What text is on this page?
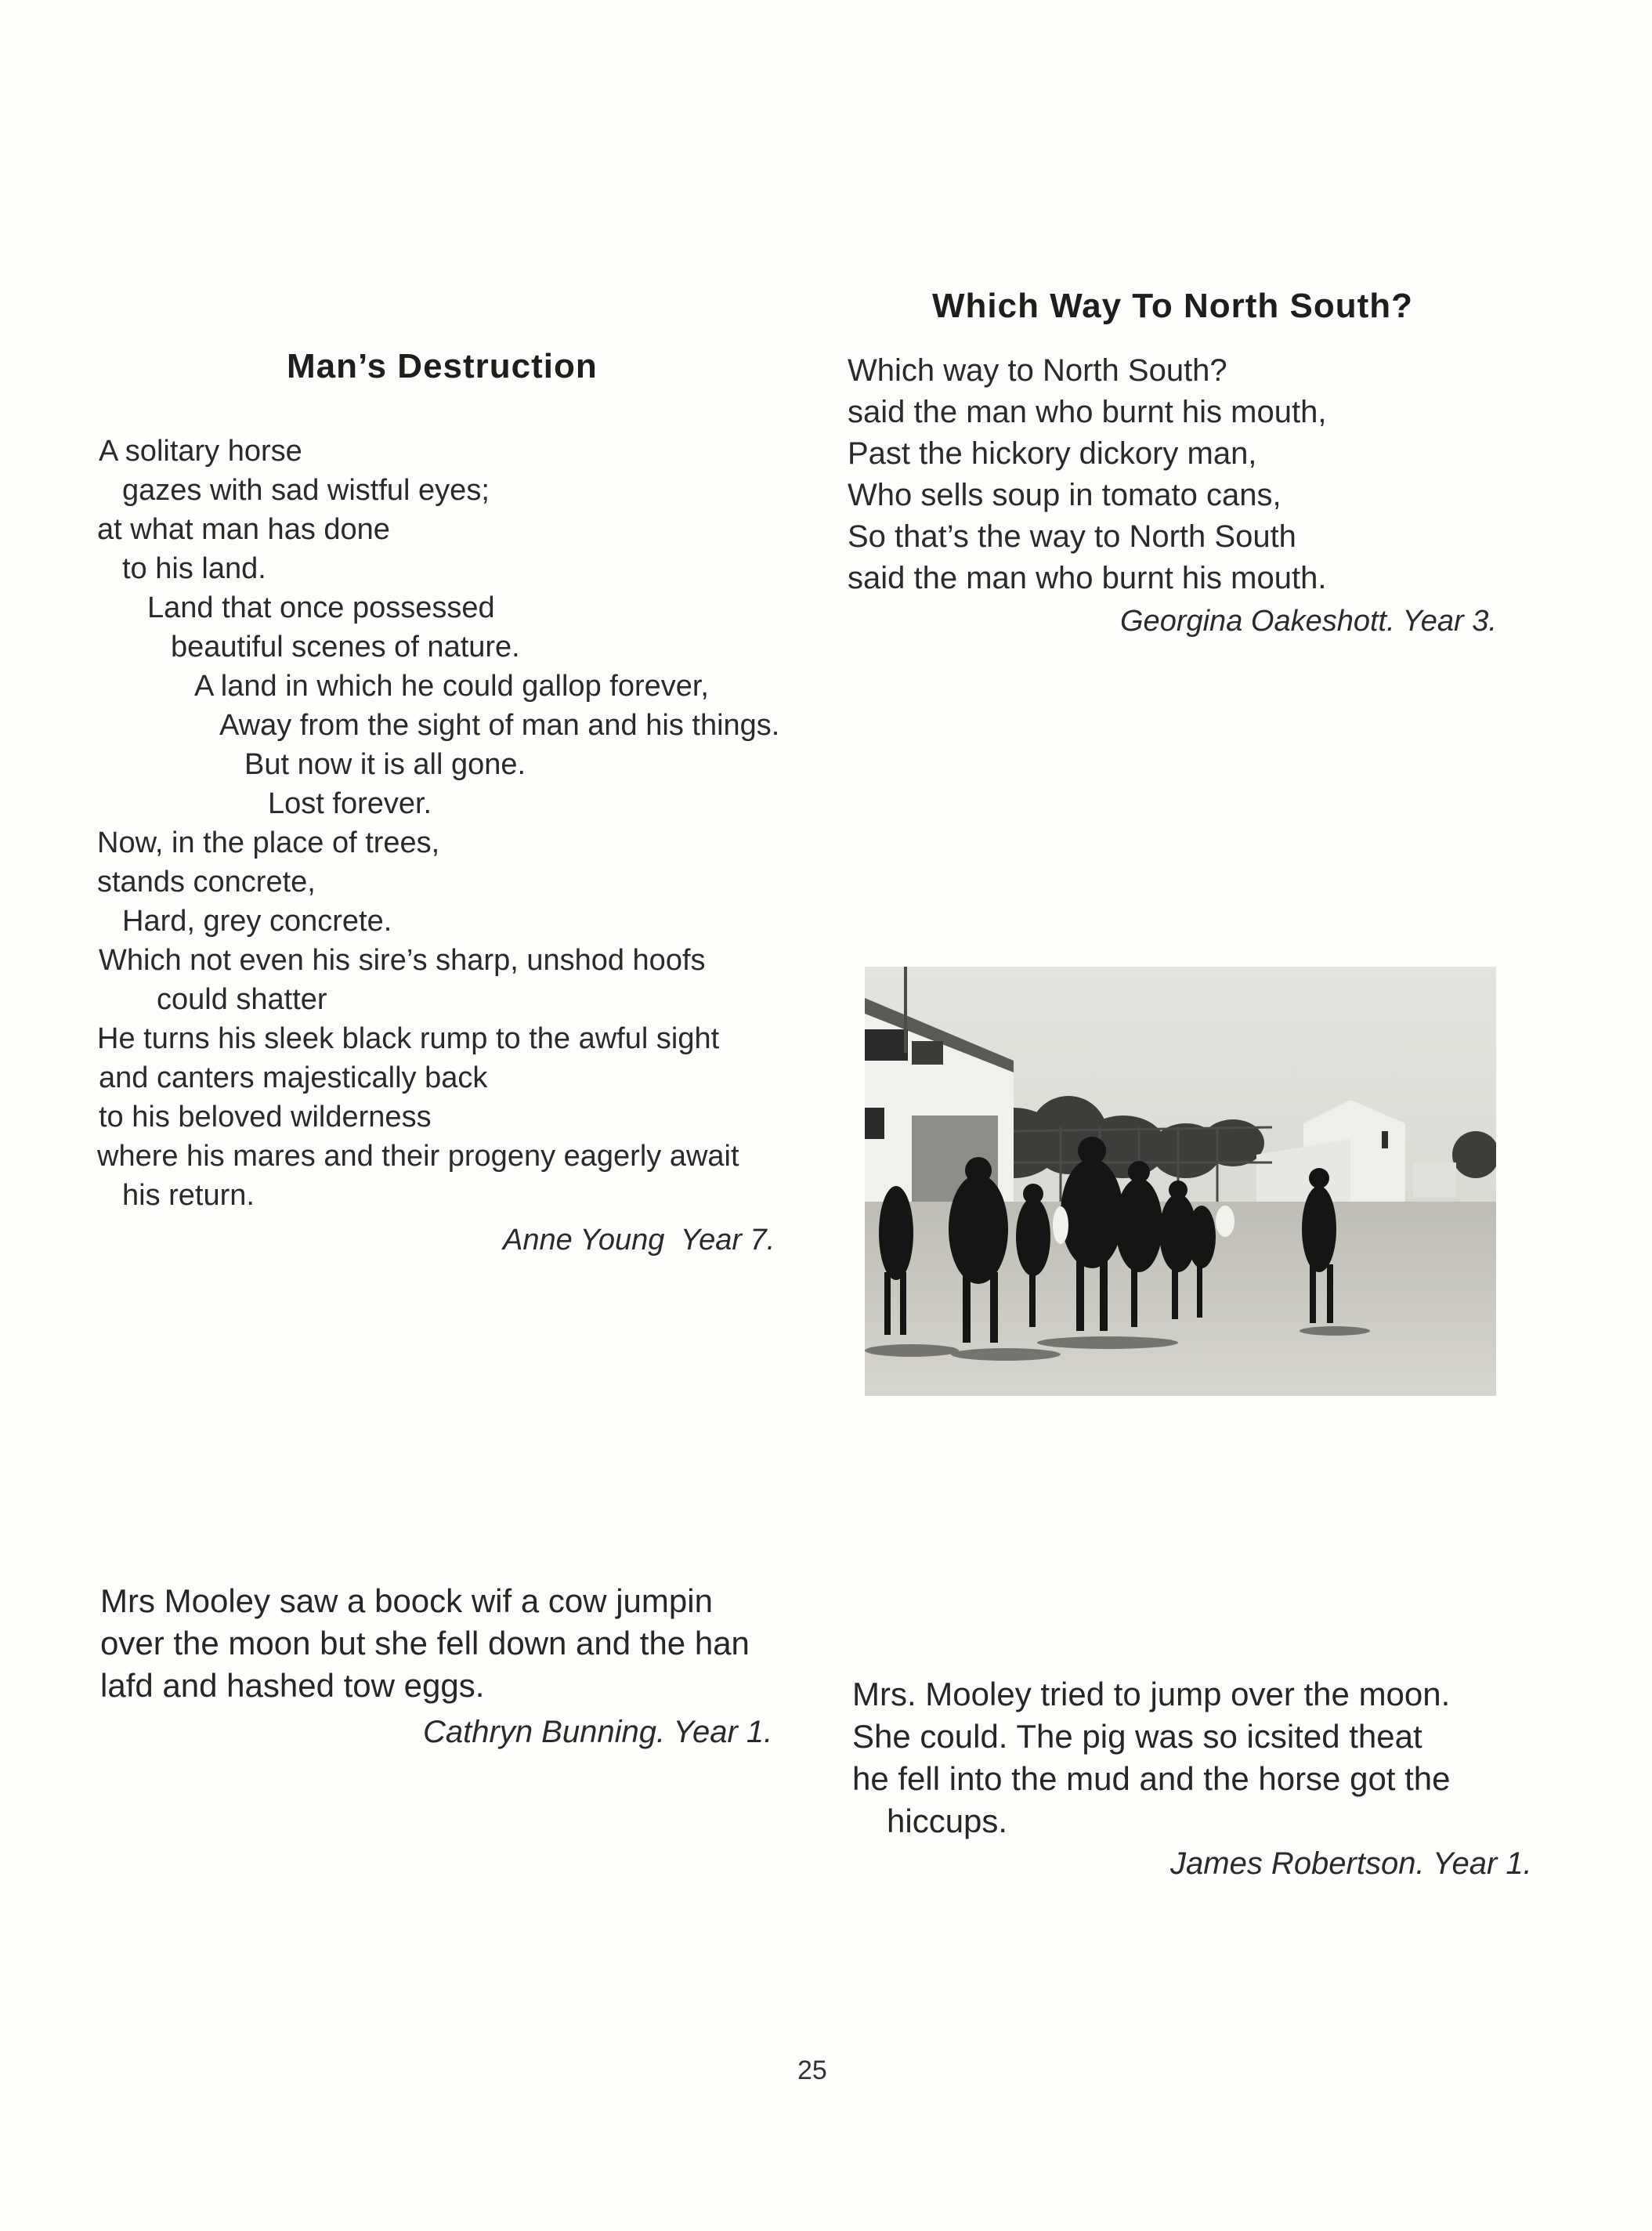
Man’s Destruction
A solitary horse
gazes with sad wistful eyes;
at what man has done
to his land.
Land that once possessed
beautiful scenes of nature.
A land in which he could gallop forever,
Away from the sight of man and his things.
But now it is all gone.
Lost forever.
Now, in the place of trees,
stands concrete,
Hard, grey concrete.
Which not even his sire’s sharp, unshod hoofs
could shatter
He turns his sleek black rump to the awful sight
and canters majestically back
to his beloved wilderness
where his mares and their progeny eagerly await
his return.
Anne Young  Year 7.
Which Way To North South?
Which way to North South?
said the man who burnt his mouth,
Past the hickory dickory man,
Who sells soup in tomato cans,
So that’s the way to North South
said the man who burnt his mouth.
Georgina Oakeshott. Year 3.
Mrs Mooley saw a boock wif a cow jumpin
over the moon but she fell down and the han
lafd and hashed tow eggs.
Cathryn Bunning. Year 1.
Mrs. Mooley tried to jump over the moon.
She could. The pig was so icsited theat
he fell into the mud and the horse got the
hiccups.
James Robertson. Year 1.
25
